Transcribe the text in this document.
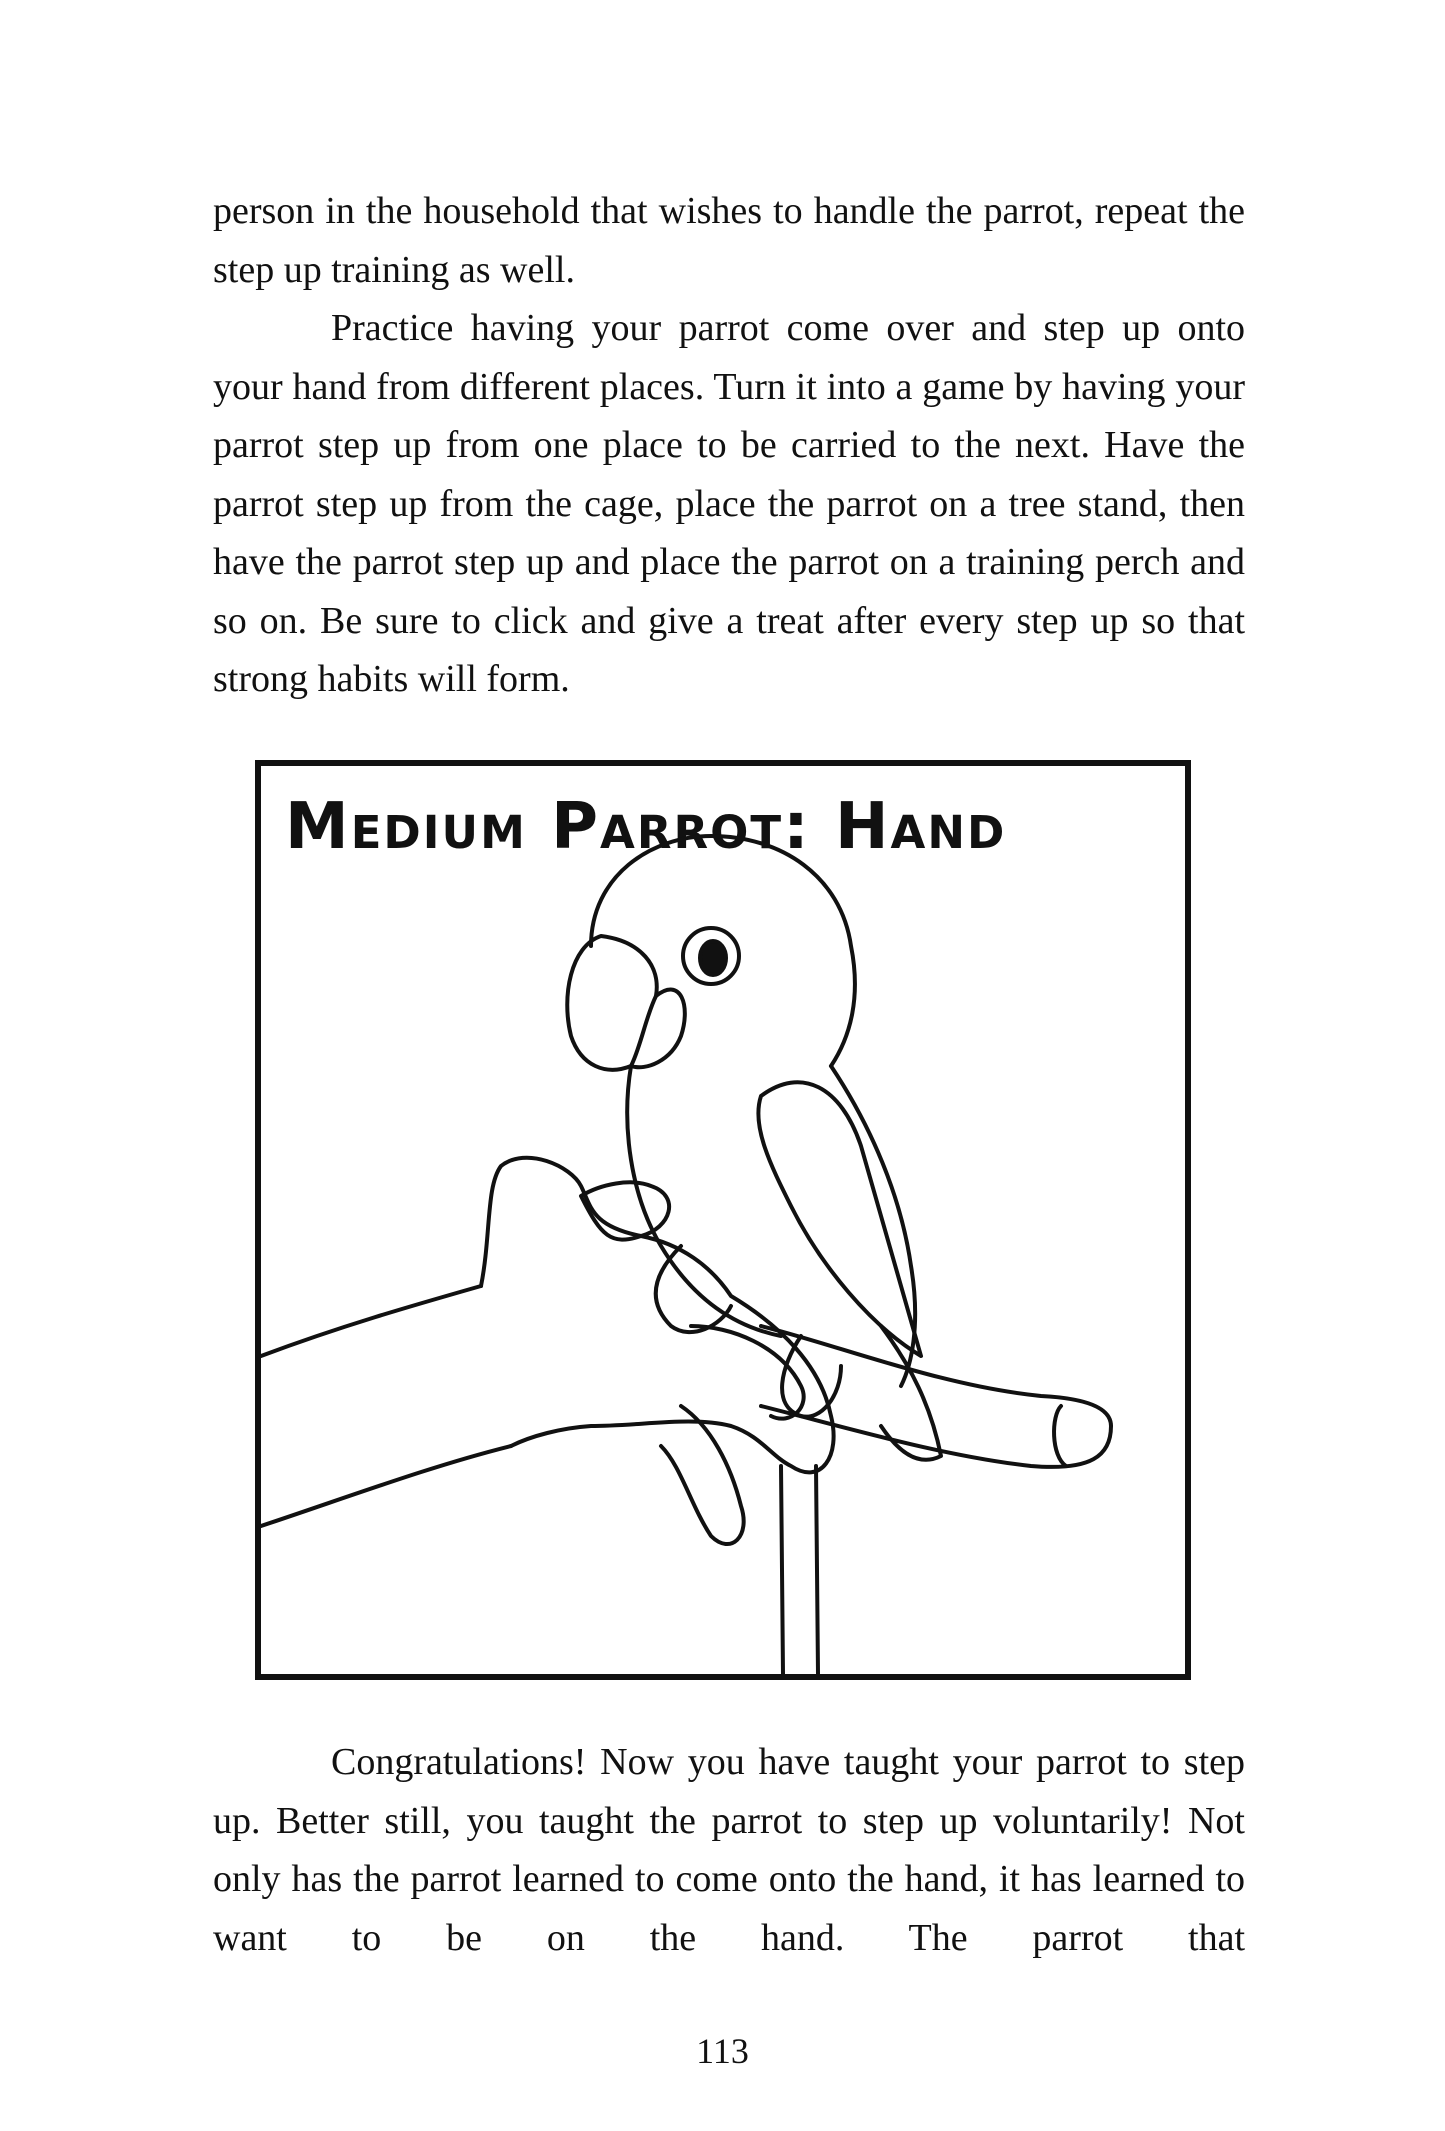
person in the household that wishes to handle the parrot, repeat the step up training as well.

Practice having your parrot come over and step up onto your hand from different places. Turn it into a game by having your parrot step up from one place to be carried to the next. Have the parrot step up from the cage, place the parrot on a tree stand, then have the parrot step up and place the parrot on a training perch and so on. Be sure to click and give a treat after every step up so that strong habits will form.

Medium Parrot: Hand

Congratulations! Now you have taught your parrot to step up. Better still, you taught the parrot to step up voluntarily! Not only has the parrot learned to come onto the hand, it has learned to want to be on the hand. The parrot that

113
